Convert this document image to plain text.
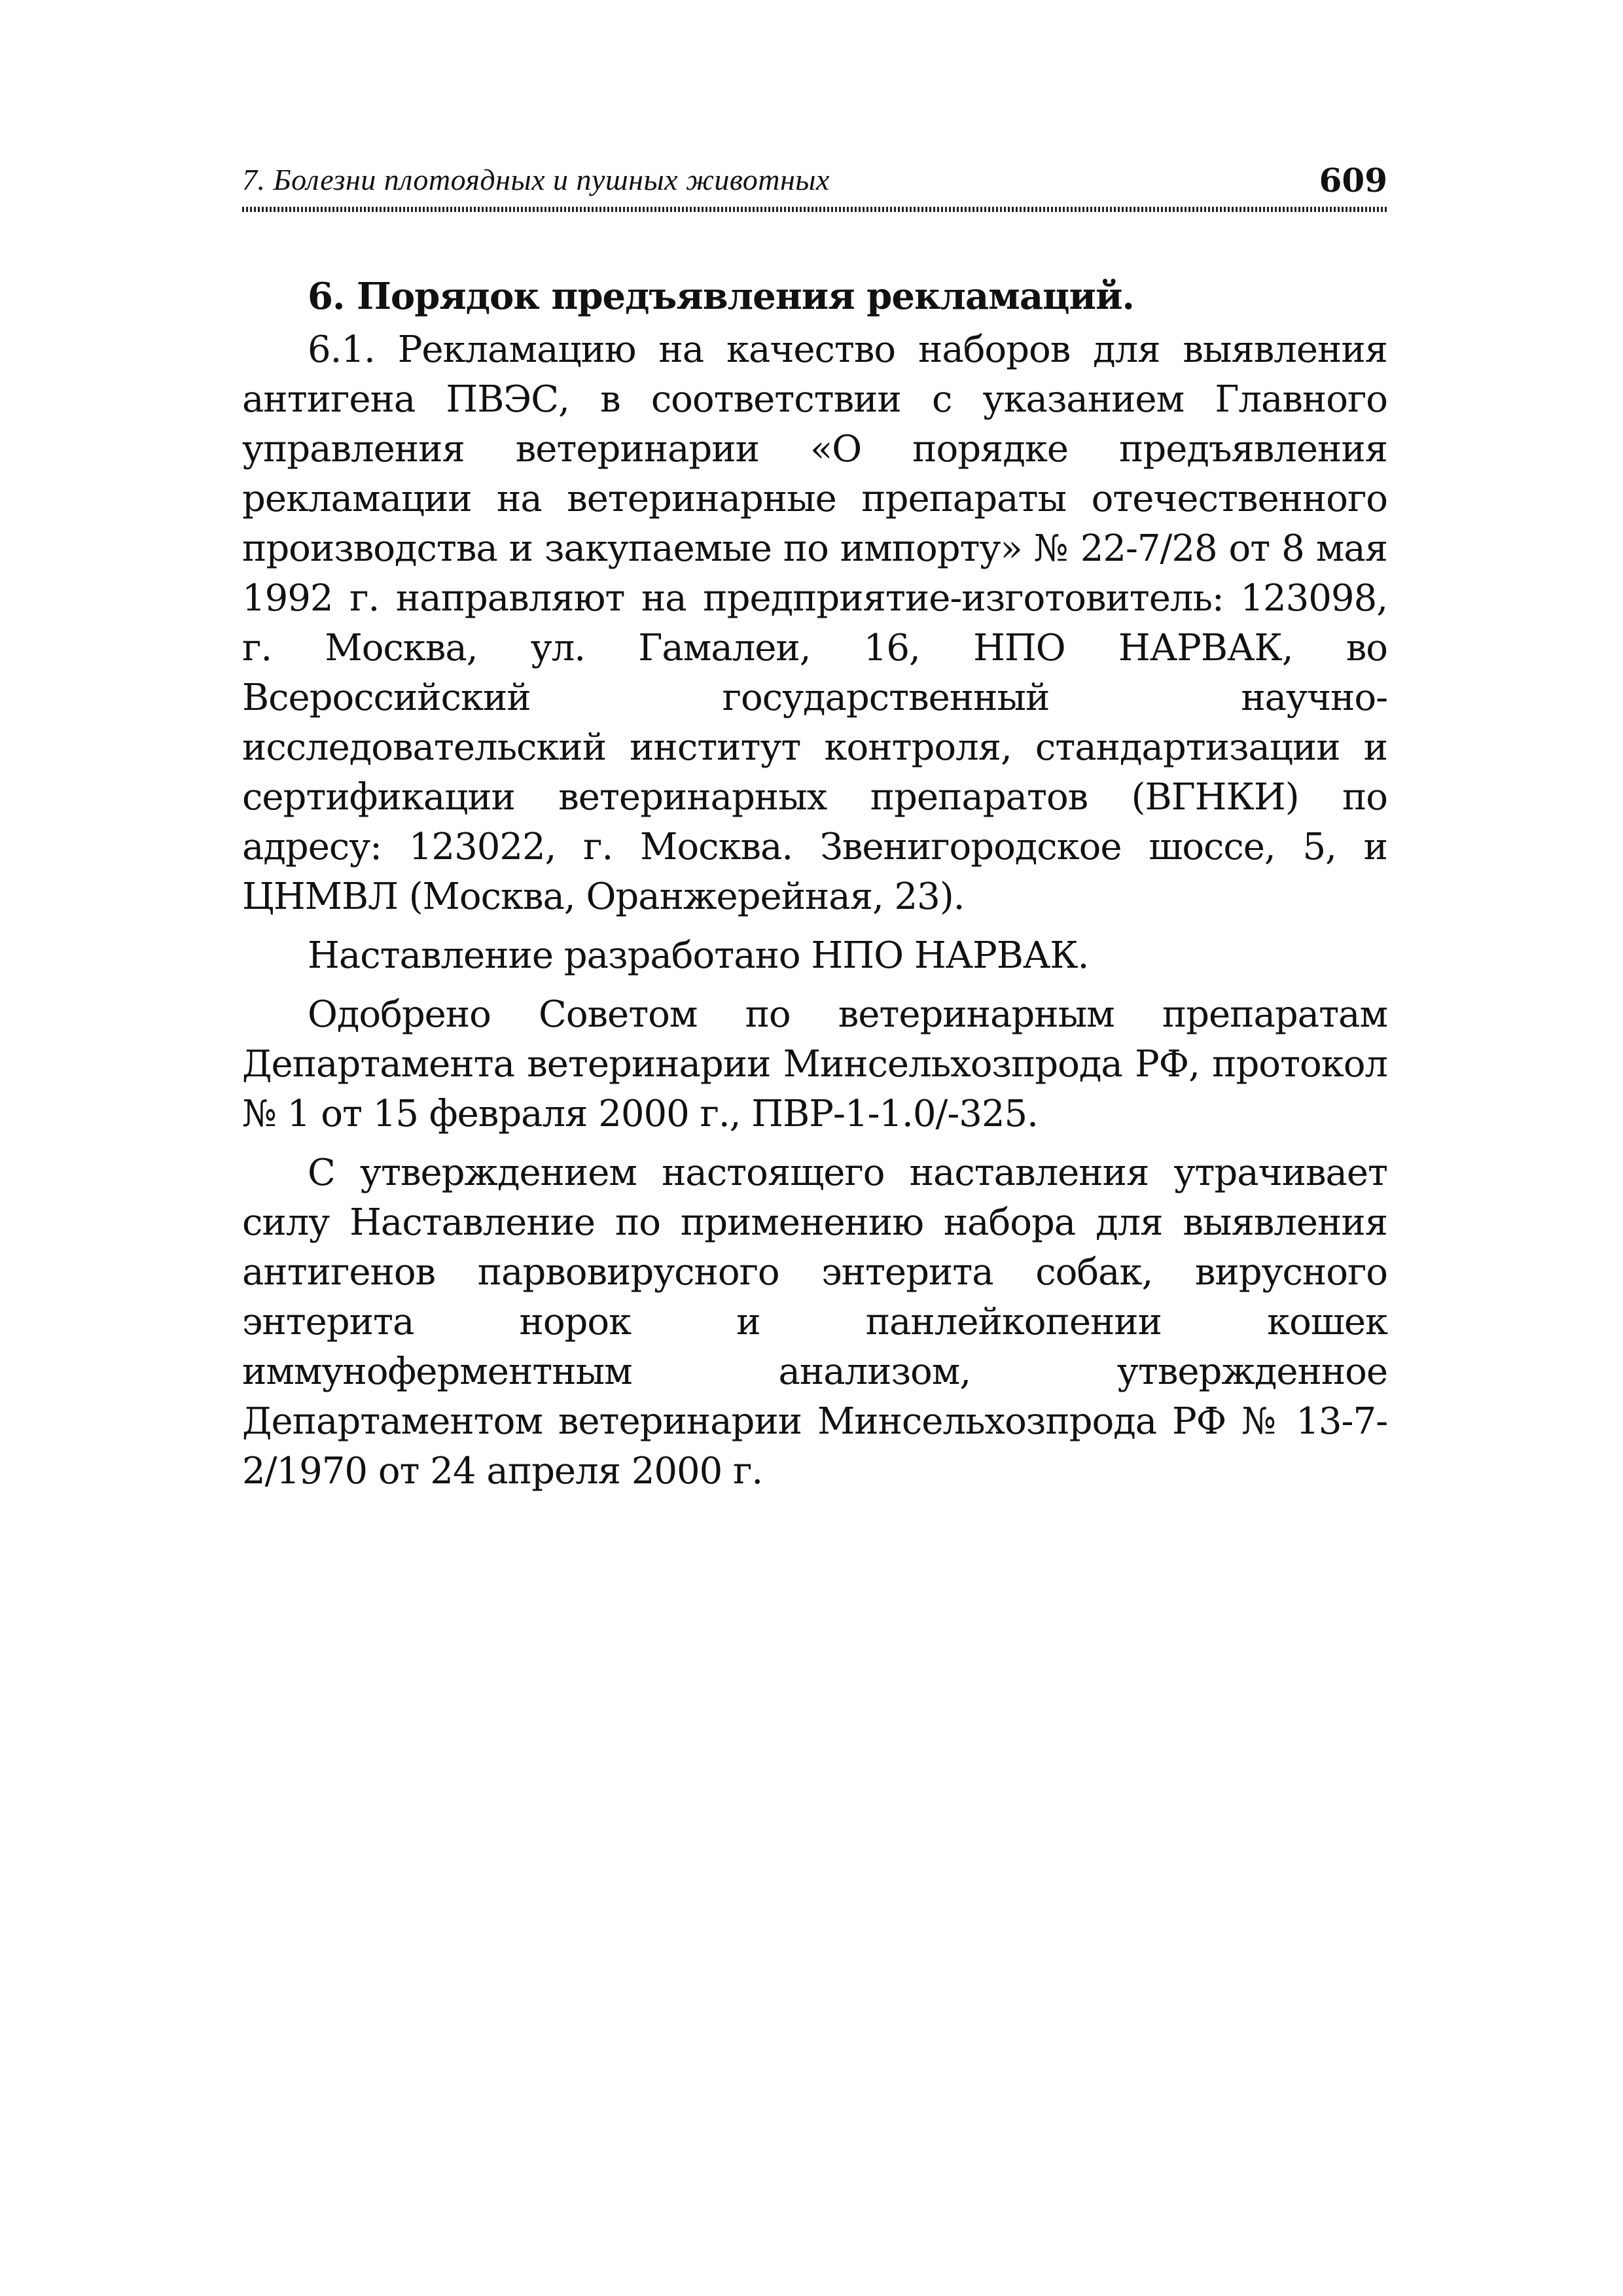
7. Болезни плотоядных и пушных животных	609
6. Порядок предъявления рекламаций.

6.1. Рекламацию на качество наборов для выявления антигена ПВЭС, в соответствии с указанием Главного управления ветеринарии «О порядке предъявления рекламации на ветеринарные препараты отечественного производства и закупаемые по импорту» № 22-7/28 от 8 мая 1992 г. направляют на предприятие-изготовитель: 123098, г. Москва, ул. Гамалеи, 16, НПО НАРВАК, во Всероссийский государственный научно-исследовательский институт контроля, стандартизации и сертификации ветеринарных препаратов (ВГНКИ) по адресу: 123022, г. Москва. Звенигородское шоссе, 5, и ЦНМВЛ (Москва, Оранжерейная, 23).

Наставление разработано НПО НАРВАК.

Одобрено Советом по ветеринарным препаратам Департамента ветеринарии Минсельхозпрода РФ, протокол № 1 от 15 февраля 2000 г., ПВР-1-1.0/-325.

С утверждением настоящего наставления утрачивает силу Наставление по применению набора для выявления антигенов парвовирусного энтерита собак, вирусного энтерита норок и панлейкопении кошек иммуноферментным анализом, утвержденное Департаментом ветеринарии Минсельхозпрода РФ № 13-7-2/1970 от 24 апреля 2000 г.
